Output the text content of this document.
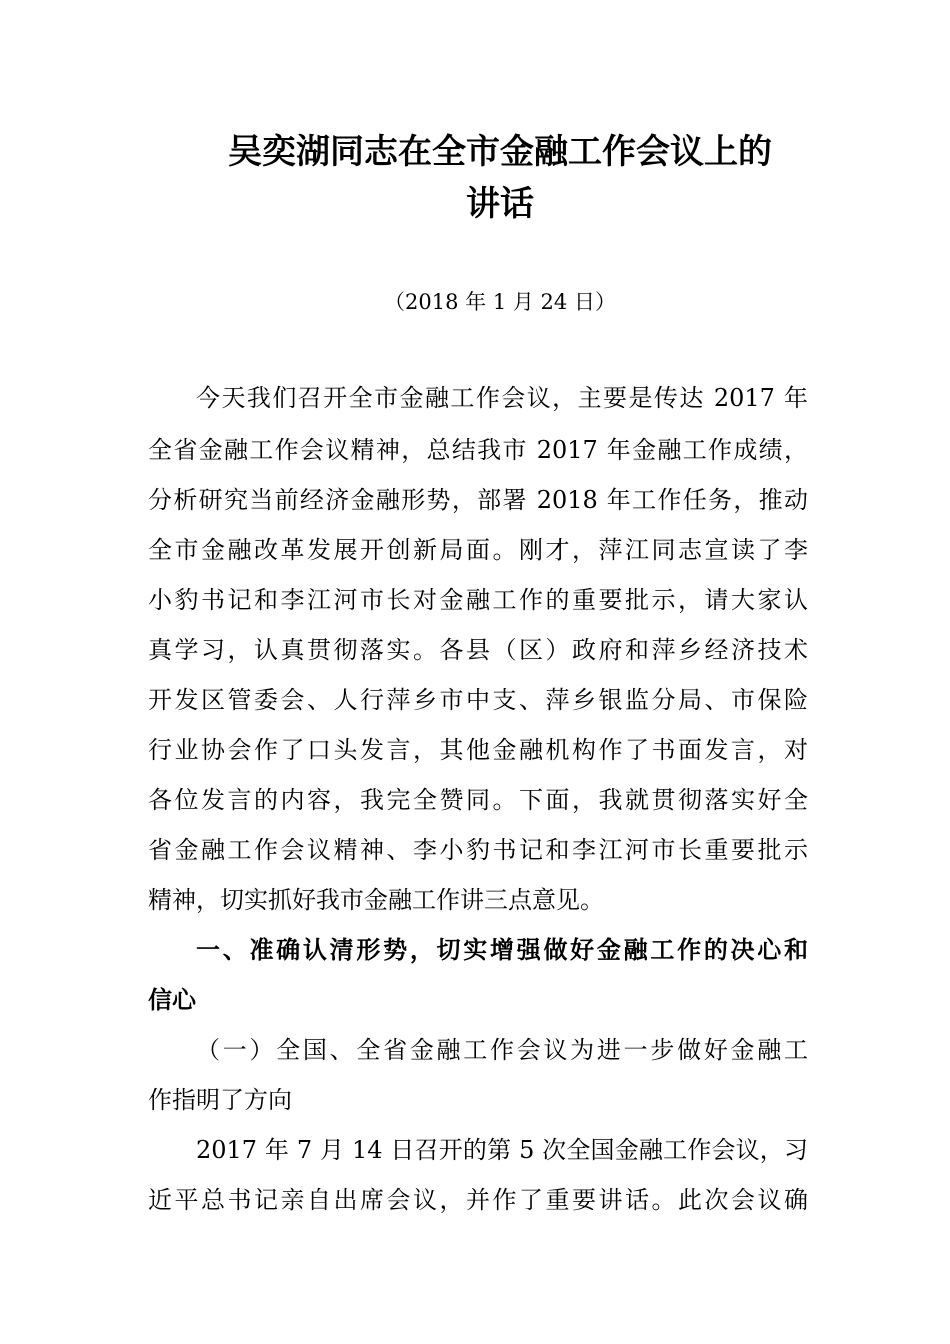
吴奕湖同志在全市金融工作会议上的
讲话
（2018 年 1 月 24 日）
今天我们召开全市金融工作会议，主要是传达 2017 年
全省金融工作会议精神，总结我市 2017 年金融工作成绩，
分析研究当前经济金融形势，部署 2018 年工作任务，推动
全市金融改革发展开创新局面。刚才，萍江同志宣读了李
小豹书记和李江河市长对金融工作的重要批示，请大家认
真学习，认真贯彻落实。各县（区）政府和萍乡经济技术
开发区管委会、人行萍乡市中支、萍乡银监分局、市保险
行业协会作了口头发言，其他金融机构作了书面发言，对
各位发言的内容，我完全赞同。下面，我就贯彻落实好全
省金融工作会议精神、李小豹书记和李江河市长重要批示
精神，切实抓好我市金融工作讲三点意见。
一、准确认清形势，切实增强做好金融工作的决心和
信心
（一）全国、全省金融工作会议为进一步做好金融工
作指明了方向
2017 年 7 月 14 日召开的第 5 次全国金融工作会议，习
近平总书记亲自出席会议，并作了重要讲话。此次会议确
